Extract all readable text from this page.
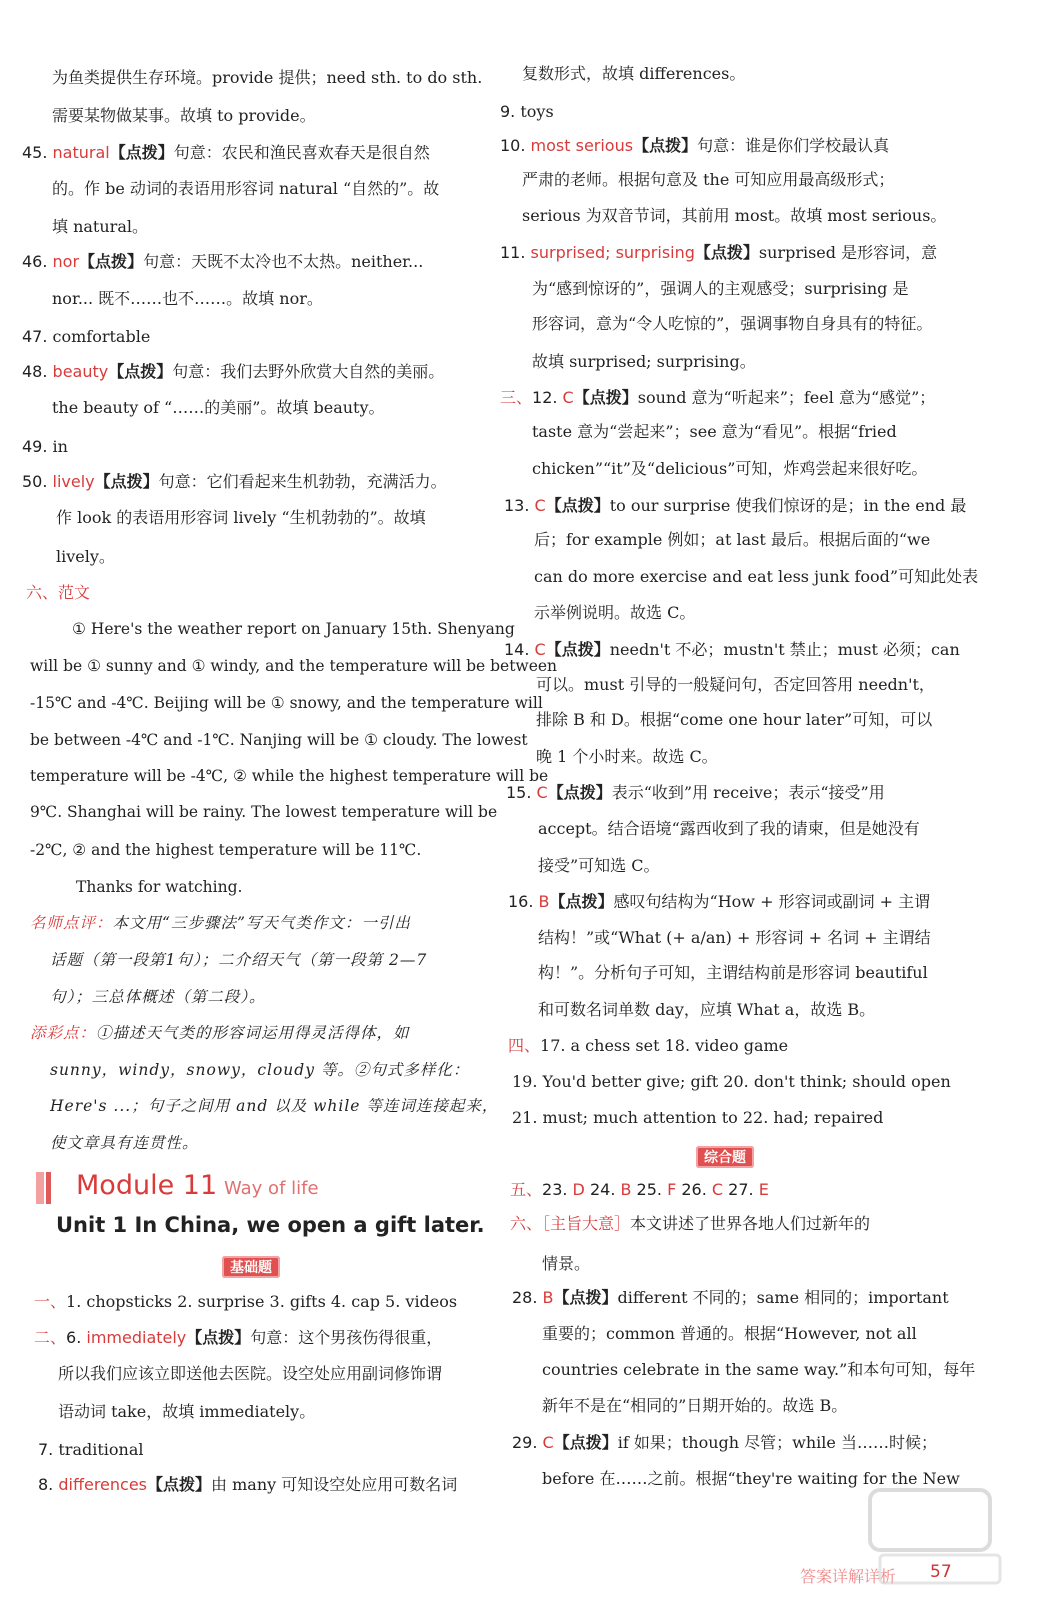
为鱼类提供生存环境。provide 提供；need sth. to do sth.
需要某物做某事。故填 to provide。
45. natural【点拨】句意：农民和渔民喜欢春天是很自然
的。作 be 动词的表语用形容词 natural “自然的”。故
填 natural。
46. nor【点拨】句意：天既不太冷也不太热。neither...
nor... 既不……也不……。故填 nor。
47. comfortable
48. beauty【点拨】句意：我们去野外欣赏大自然的美丽。
the beauty of “……的美丽”。故填 beauty。
49. in
50. lively【点拨】句意：它们看起来生机勃勃，充满活力。
作 look 的表语用形容词 lively “生机勃勃的”。故填
lively。
六、范文
① Here's the weather report on January 15th. Shenyang
will be ① sunny and ① windy, and the temperature will be between
-15℃ and -4℃. Beijing will be ① snowy, and the temperature will
be between -4℃ and -1℃. Nanjing will be ① cloudy. The lowest
temperature will be -4℃, ② while the highest temperature will be
9℃. Shanghai will be rainy. The lowest temperature will be
-2℃, ② and the highest temperature will be 11℃.
Thanks for watching.
名师点评：本文用“三步骤法”写天气类作文：一引出
话题（第一段第1句）；二介绍天气（第一段第 2—7
句）；三总体概述（第二段）。
添彩点：①描述天气类的形容词运用得灵活得体，如
sunny，windy，snowy，cloudy 等。②句式多样化：
Here's ...；句子之间用 and 以及 while 等连词连接起来，
使文章具有连贯性。
一、1. chopsticks 2. surprise 3. gifts 4. cap 5. videos
二、6. immediately【点拨】句意：这个男孩伤得很重，
所以我们应该立即送他去医院。设空处应用副词修饰谓
语动词 take，故填 immediately。
7. traditional
8. differences【点拨】由 many 可知设空处应用可数名词
复数形式，故填 differences。
9. toys
10. most serious【点拨】句意：谁是你们学校最认真
严肃的老师。根据句意及 the 可知应用最高级形式；
serious 为双音节词，其前用 most。故填 most serious。
11. surprised; surprising【点拨】surprised 是形容词，意
为“感到惊讶的”，强调人的主观感受；surprising 是
形容词，意为“令人吃惊的”，强调事物自身具有的特征。
故填 surprised; surprising。
三、12. C【点拨】sound 意为“听起来”；feel 意为“感觉”；
taste 意为“尝起来”；see 意为“看见”。根据“fried
chicken”“it”及“delicious”可知，炸鸡尝起来很好吃。
13. C【点拨】to our surprise 使我们惊讶的是；in the end 最
后；for example 例如；at last 最后。根据后面的“we
can do more exercise and eat less junk food”可知此处表
示举例说明。故选 C。
14. C【点拨】needn't 不必；mustn't 禁止；must 必须；can
可以。must 引导的一般疑问句，否定回答用 needn't，
排除 B 和 D。根据“come one hour later”可知，可以
晚 1 个小时来。故选 C。
15. C【点拨】表示“收到”用 receive；表示“接受”用
accept。结合语境“露西收到了我的请柬，但是她没有
接受”可知选 C。
16. B【点拨】感叹句结构为“How + 形容词或副词 + 主谓
结构！”或“What (+ a/an) + 形容词 + 名词 + 主谓结
构！”。分析句子可知，主谓结构前是形容词 beautiful
和可数名词单数 day，应填 What a，故选 B。
四、17. a chess set 18. video game
19. You'd better give; gift 20. don't think; should open
21. must; much attention to 22. had; repaired
五、23. D 24. B 25. F 26. C 27. E
六、［主旨大意］本文讲述了世界各地人们过新年的
情景。
28. B【点拨】different 不同的；same 相同的；important
重要的；common 普通的。根据“However, not all
countries celebrate in the same way.”和本句可知，每年
新年不是在“相同的”日期开始的。故选 B。
29. C【点拨】if 如果；though 尽管；while 当……时候；
before 在……之前。根据“they're waiting for the New
Module 11 Way of life
Unit 1 In China, we open a gift later.
基础题
综合题
答案详解详析 57
